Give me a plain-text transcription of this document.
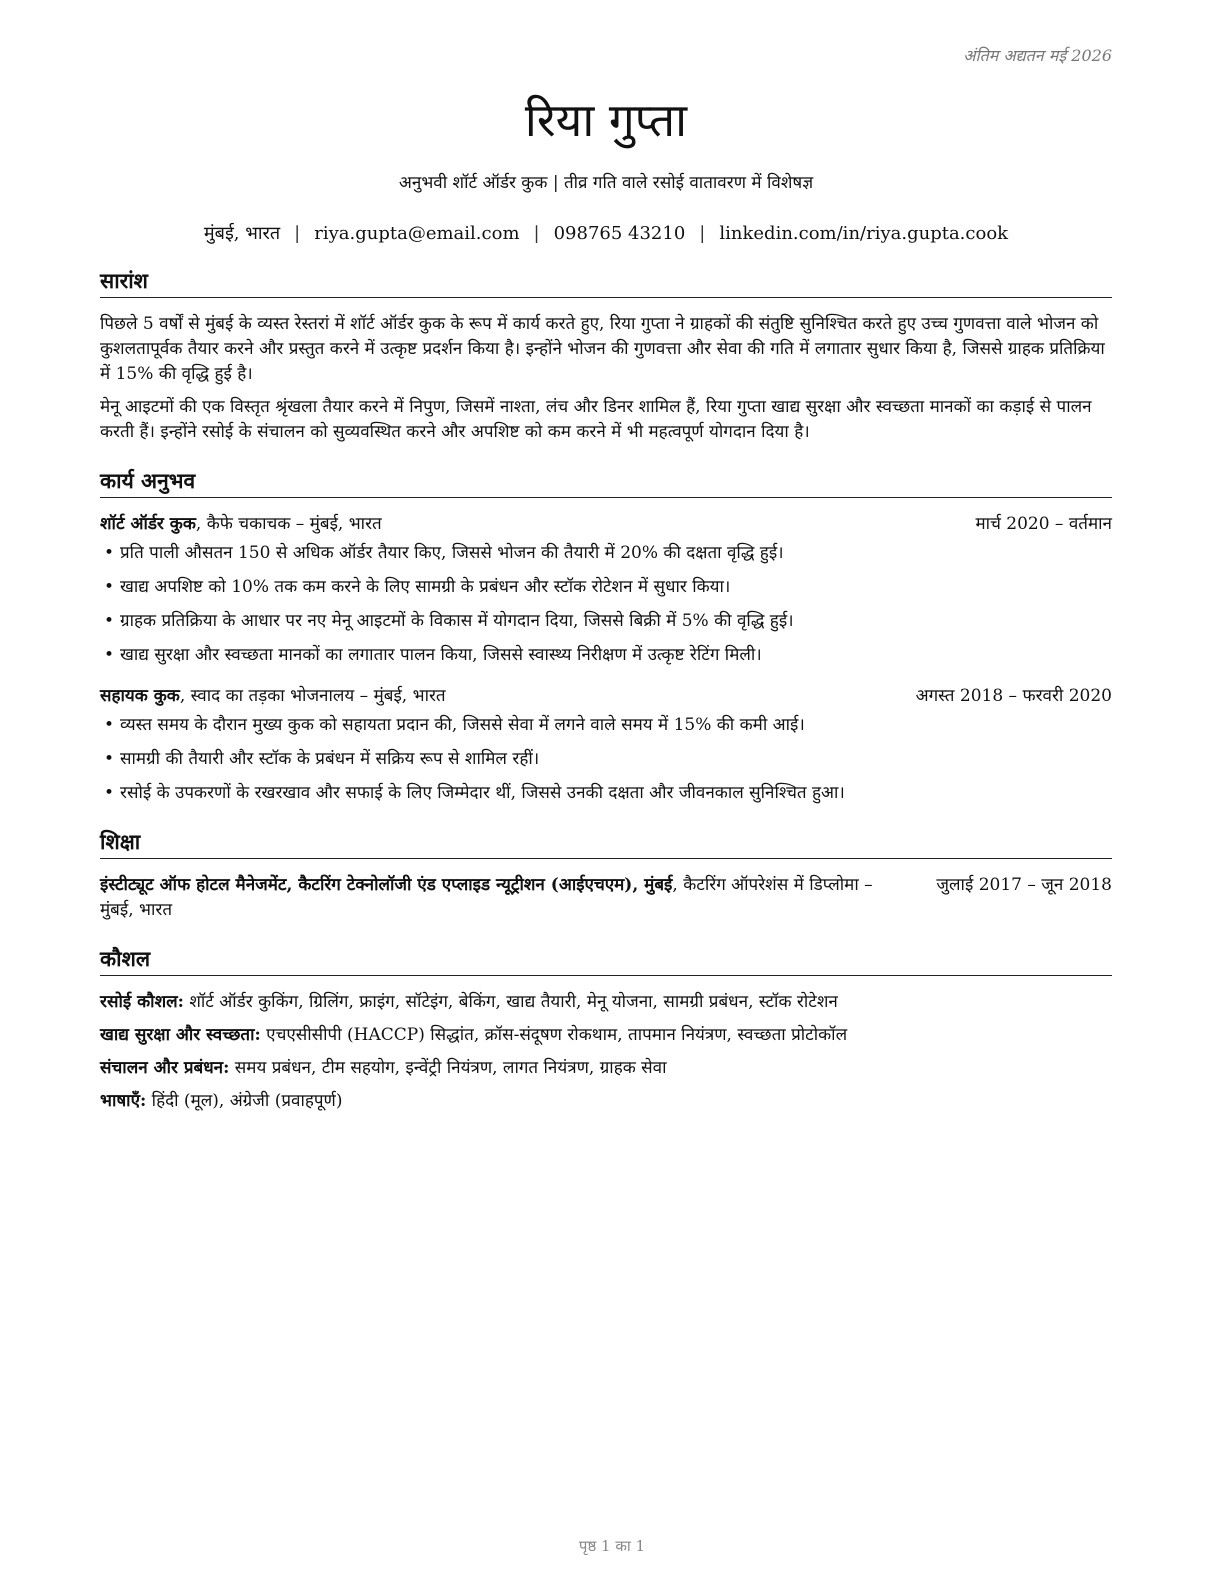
अंतिम अद्यतन मई 2026
रिया गुप्ता
अनुभवी शॉर्ट ऑर्डर कुक | तीव्र गति वाले रसोई वातावरण में विशेषज्ञ
मुंबई, भारत | riya.gupta@email.com | 098765 43210 | linkedin.com/in/riya.gupta.cook
सारांश

पिछले 5 वर्षों से मुंबई के व्यस्त रेस्तरां में शॉर्ट ऑर्डर कुक के रूप में कार्य करते हुए, रिया गुप्ता ने ग्राहकों की संतुष्टि सुनिश्चित करते हुए उच्च गुणवत्ता वाले भोजन को कुशलतापूर्वक तैयार करने और प्रस्तुत करने में उत्कृष्ट प्रदर्शन किया है। इन्होंने भोजन की गुणवत्ता और सेवा की गति में लगातार सुधार किया है, जिससे ग्राहक प्रतिक्रिया में 15% की वृद्धि हुई है।

मेनू आइटमों की एक विस्तृत श्रृंखला तैयार करने में निपुण, जिसमें नाश्ता, लंच और डिनर शामिल हैं, रिया गुप्ता खाद्य सुरक्षा और स्वच्छता मानकों का कड़ाई से पालन करती हैं। इन्होंने रसोई के संचालन को सुव्यवस्थित करने और अपशिष्ट को कम करने में भी महत्वपूर्ण योगदान दिया है।

कार्य अनुभव
शॉर्ट ऑर्डर कुक, कैफे चकाचक – मुंबई, भारत	मार्च 2020 – वर्तमान
• प्रति पाली औसतन 150 से अधिक ऑर्डर तैयार किए, जिससे भोजन की तैयारी में 20% की दक्षता वृद्धि हुई।
• खाद्य अपशिष्ट को 10% तक कम करने के लिए सामग्री के प्रबंधन और स्टॉक रोटेशन में सुधार किया।
• ग्राहक प्रतिक्रिया के आधार पर नए मेनू आइटमों के विकास में योगदान दिया, जिससे बिक्री में 5% की वृद्धि हुई।
• खाद्य सुरक्षा और स्वच्छता मानकों का लगातार पालन किया, जिससे स्वास्थ्य निरीक्षण में उत्कृष्ट रेटिंग मिली।
सहायक कुक, स्वाद का तड़का भोजनालय – मुंबई, भारत	अगस्त 2018 – फरवरी 2020
• व्यस्त समय के दौरान मुख्य कुक को सहायता प्रदान की, जिससे सेवा में लगने वाले समय में 15% की कमी आई।
• सामग्री की तैयारी और स्टॉक के प्रबंधन में सक्रिय रूप से शामिल रहीं।
• रसोई के उपकरणों के रखरखाव और सफाई के लिए जिम्मेदार थीं, जिससे उनकी दक्षता और जीवनकाल सुनिश्चित हुआ।
शिक्षा
इंस्टीट्यूट ऑफ होटल मैनेजमेंट, कैटरिंग टेक्नोलॉजी एंड एप्लाइड न्यूट्रीशन (आईएचएम), मुंबई, कैटरिंग ऑपरेशंस में डिप्लोमा – मुंबई, भारत
जुलाई 2017 – जून 2018
कौशल
रसोई कौशल: शॉर्ट ऑर्डर कुकिंग, ग्रिलिंग, फ्राइंग, सॉटेइंग, बेकिंग, खाद्य तैयारी, मेनू योजना, सामग्री प्रबंधन, स्टॉक रोटेशन
खाद्य सुरक्षा और स्वच्छता: एचएसीसीपी (HACCP) सिद्धांत, क्रॉस-संदूषण रोकथाम, तापमान नियंत्रण, स्वच्छता प्रोटोकॉल
संचालन और प्रबंधन: समय प्रबंधन, टीम सहयोग, इन्वेंट्री नियंत्रण, लागत नियंत्रण, ग्राहक सेवा
भाषाएँ: हिंदी (मूल), अंग्रेजी (प्रवाहपूर्ण)
पृष्ठ 1 का 1
